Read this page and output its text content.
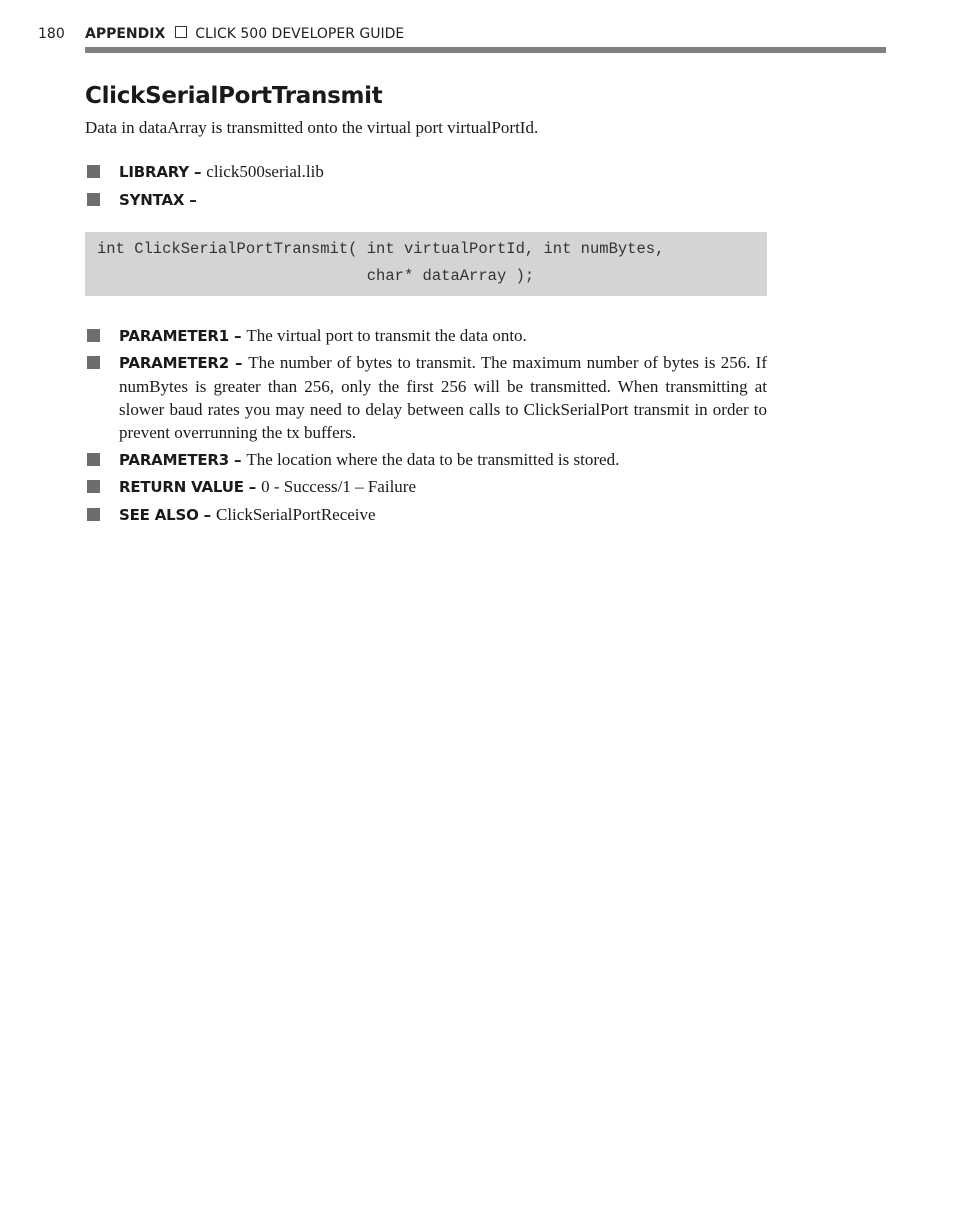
180 APPENDIX CLICK 500 DEVELOPER GUIDE
ClickSerialPortTransmit

Data in dataArray is transmitted onto the virtual port virtualPortId.

LIBRARY – click500serial.lib
SYNTAX –
int ClickSerialPortTransmit( int virtualPortId, int numBytes,
char* dataArray );
PARAMETER1 – The virtual port to transmit the data onto.
PARAMETER2 – The number of bytes to transmit. The maximum number of bytes is 256. If numBytes is greater than 256, only the first 256 will be transmitted. When transmitting at slower baud rates you may need to delay between calls to ClickSerialPort transmit in order to prevent overrunning the tx buffers.
PARAMETER3 – The location where the data to be transmitted is stored.
RETURN VALUE – 0 - Success/1 – Failure
SEE ALSO – ClickSerialPortReceive
